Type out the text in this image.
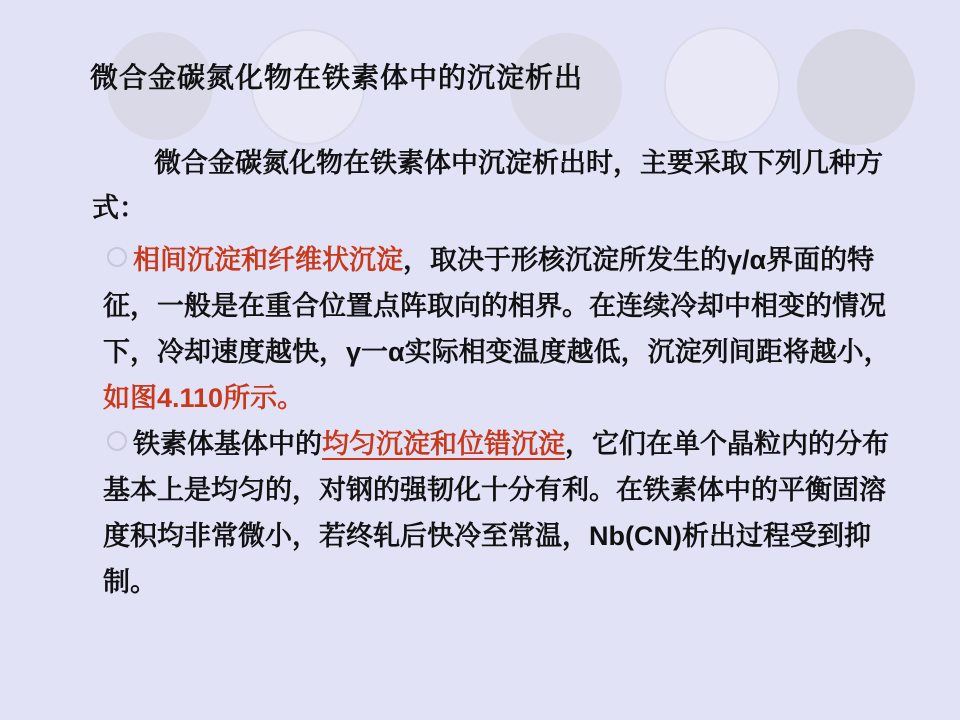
微合金碳氮化物在铁素体中的沉淀析出
微合金碳氮化物在铁素体中沉淀析出时，主要采取下列几种方式：
相间沉淀和纤维状沉淀，取决于形核沉淀所发生的γ/α界面的特征，一般是在重合位置点阵取向的相界。在连续冷却中相变的情况下，冷却速度越快，γ一α实际相变温度越低，沉淀列间距将越小，如图4.110所示。
铁素体基体中的均匀沉淀和位错沉淀，它们在单个晶粒内的分布基本上是均匀的，对钢的强韧化十分有利。在铁素体中的平衡固溶度积均非常微小，若终轧后快冷至常温，Nb(CN)析出过程受到抑制。
